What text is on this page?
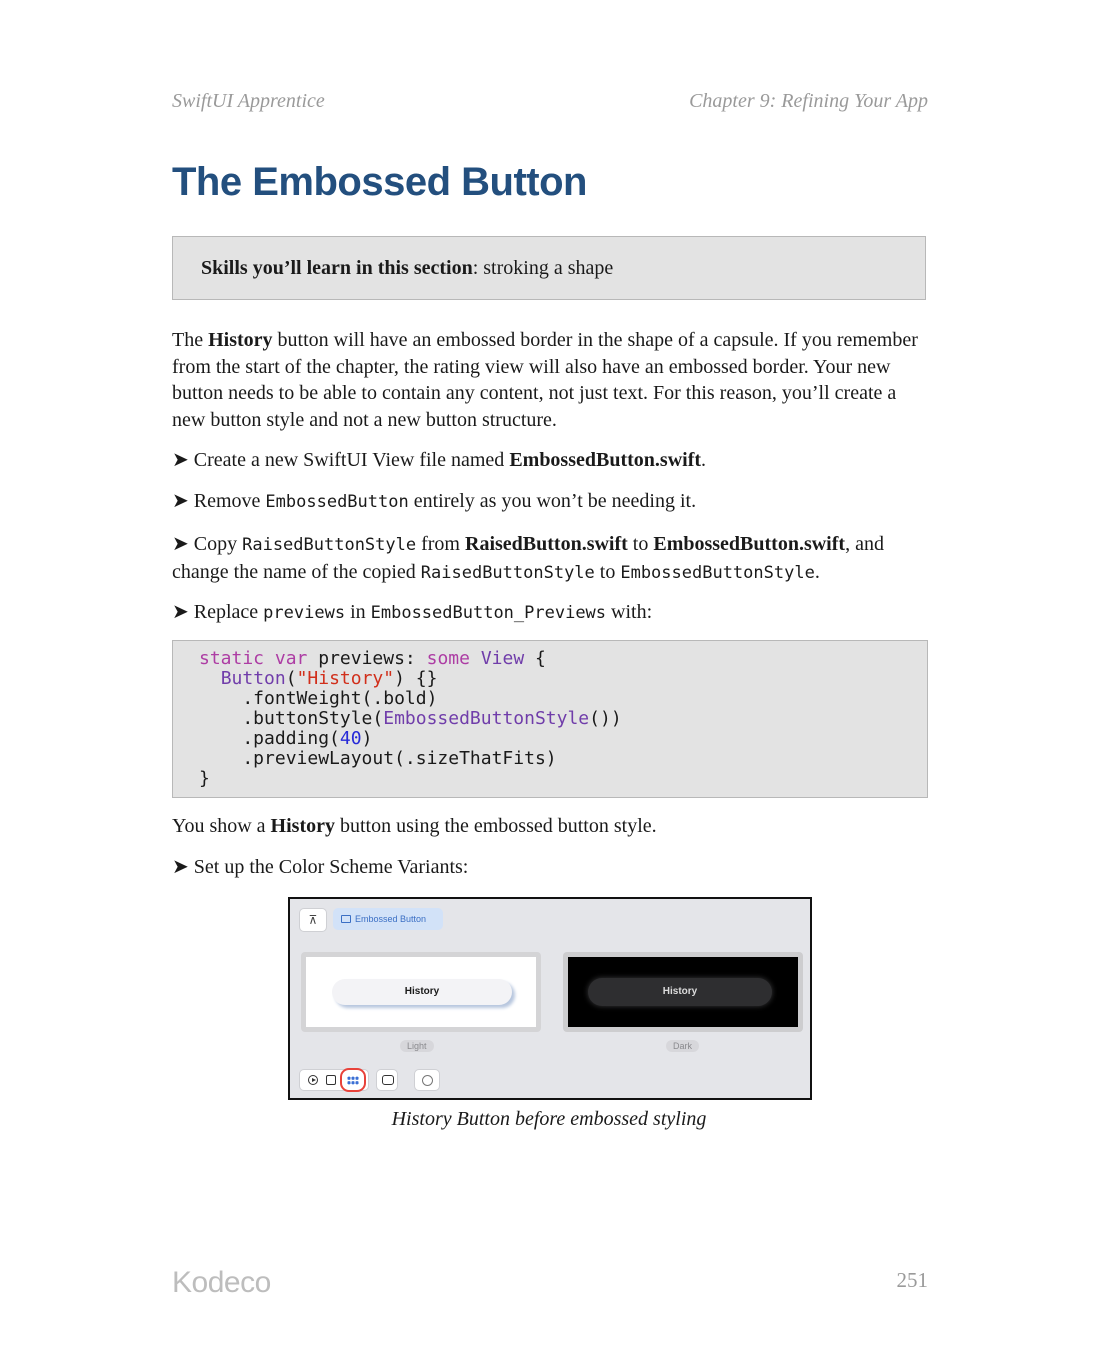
SwiftUI Apprentice	Chapter 9: Refining Your App
The Embossed Button
Skills you’ll learn in this section: stroking a shape

The History button will have an embossed border in the shape of a capsule. If you remember from the start of the chapter, the rating view will also have an embossed border. Your new button needs to be able to contain any content, not just text. For this reason, you’ll create a new button style and not a new button structure.

➤ Create a new SwiftUI View file named EmbossedButton.swift.

➤ Remove EmbossedButton entirely as you won’t be needing it.

➤ Copy RaisedButtonStyle from RaisedButton.swift to EmbossedButton.swift, and change the name of the copied RaisedButtonStyle to EmbossedButtonStyle.

➤ Replace previews in EmbossedButton_Previews with:

static var previews: some View {
Button("History") {}
.fontWeight(.bold)
.buttonStyle(EmbossedButtonStyle())
.padding(40)
.previewLayout(.sizeThatFits)
}

You show a History button using the embossed button style.

➤ Set up the Color Scheme Variants:

⊼	Embossed Button
History	History
Light	Dark
History Button before embossed styling
Kodeco	251
